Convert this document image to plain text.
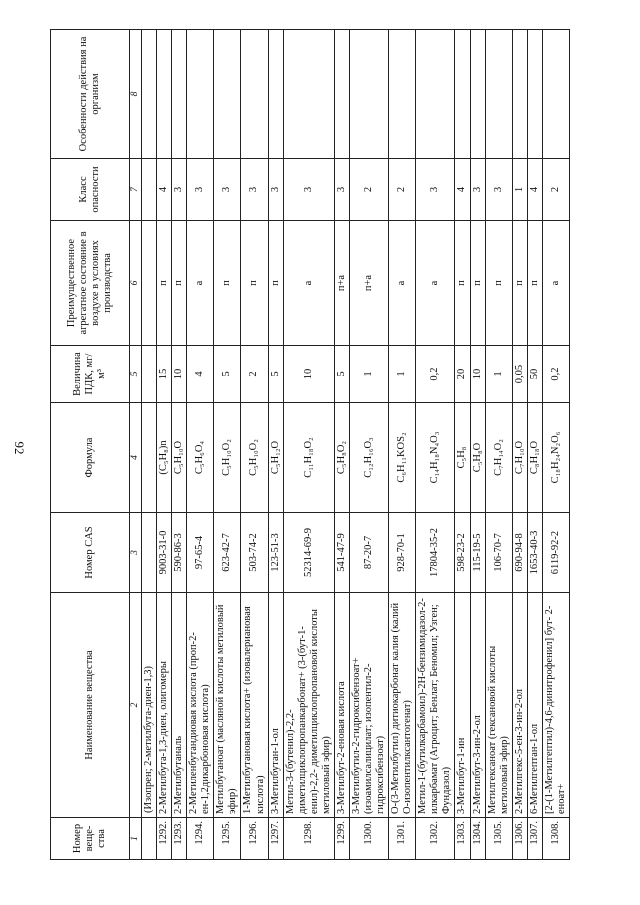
92
Номер веще-ства	Наименование вещества	Номер CAS	Формула	Величина ПДК, мг/м³	Преимущественное агрегатное состояние в воздухе в условиях производства	Класс опасности	Особенности действия на организм
1	2	3	4	5	6	7	8
	(Изопрен; 2-метилбута-диен-1,3)						
1292.	2-Метилбута-1,3-диен, олигомеры	9003-31-0	(C₅H₈)n	15	п	4	
1293.	2-Метилбутаналь	590-86-3	C₅H₁₀O	10	п	3	
1294.	2-Метиленбутандиовая кислота (проп-2-ен-1,2дикарбоновая кислота)	97-65-4	C₅H₆O₄	4	а	3	
1295.	Метилбутаноат (масляной кислоты метиловый эфир)	623-42-7	C₅H₁₀O₂	5	п	3	
1296.	1-Метилбутановая кислота+ (изовалериановая кислота)	503-74-2	C₅H₁₀O₂	2	п	3	
1297.	3-Метилбутан-1-ол	123-51-3	C₅H₁₂O	5	п	3	
1298.	Метил-3-(бутенил)-2,2- диметилциклопропанкарбонат+ (3-(бут-1-енил)-2,2- диметилциклопропановой кислоты метиловый эфир)	52314-69-9	C₁₁H₁₈O₂	10	а	3	
1299.	3-Метилбут-2-еновая кислота	541-47-9	C₅H₈O₂	5	п+а	3	
1300.	3-Метилбутил-2-гидроксибензоат+ (изоамилсалицилат; изопентил-2-гидроксибензоат)	87-20-7	C₁₂H₁₆O₃	1	п+а	2	
1301.	О-(3-Метилбутил) дитиокарбонат калия (калий О-изопентилксантогенат)	928-70-1	C₆H₁₁KOS₂	1	а	2	
1302.	Метил-1-(бутилкарбамоил)-2Н-бензимидазол-2-илкарбамат (Агроцит; Бенлат; Беномил; Узген; Фундазол)	17804-35-2	C₁₄H₁₈N₄O₃	0,2	а	3	
1303.	3-Метилбут-1-ин	598-23-2	C₅H₈	20	п	4	
1304.	2-Метилбут-3-ин-2-ол	115-19-5	C₅H₈O	10	п	3	
1305.	Метилгексаноат (гексановой кислоты метиловый эфир)	106-70-7	C₇H₁₄O₂	1	п	3	
1306.	2-Метилгекс-5-ен-3-ин-2-ол	690-94-8	C₇H₁₀O	0,05	п	1	
1307.	6-Метилгептан-1-ол	1653-40-3	C₈H₁₈O	50	п	4	
1308.	[2-(1-Метилгептил)-4,6-динитрофенил] бут- 2-еноат+	6119-92-2	C₁₈H₂₄N₂O₆	0,2	а	2	
